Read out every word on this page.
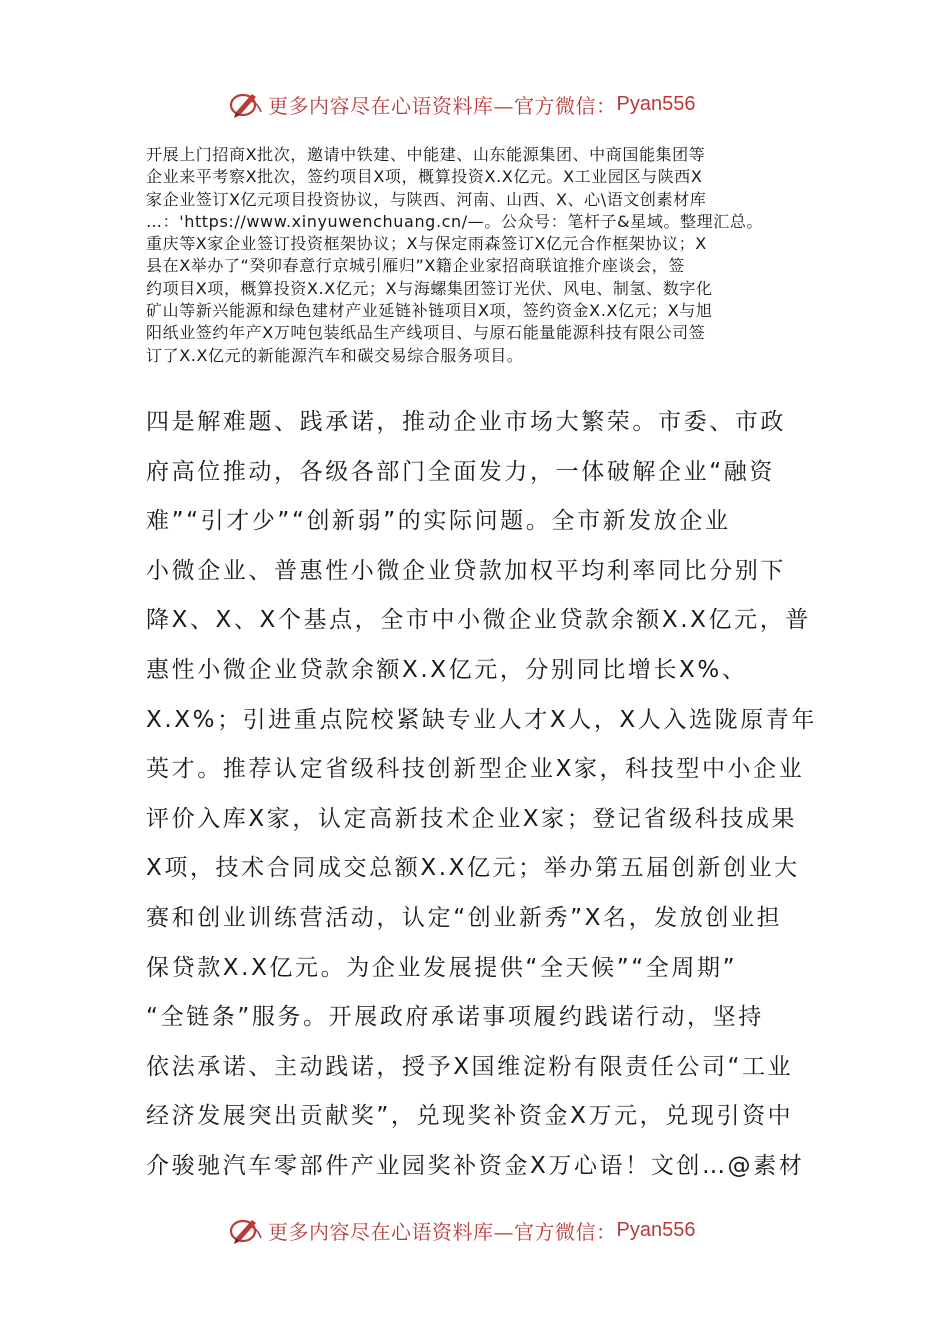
更多内容尽在心语资料库—官方微信： Pyan556
开展上门招商X批次，邀请中铁建、中能建、山东能源集团、中商国能集团等
企业来平考察X批次，签约项目X项，概算投资X.X亿元。X工业园区与陕西X
家企业签订X亿元项目投资协议，与陕西、河南、山西、X、心\语文创素材库
…：'https://www.xinyuwenchuang.cn/—。公众号：笔杆子&星域。整理汇总。
重庆等X家企业签订投资框架协议；X与保定雨森签订X亿元合作框架协议；X
县在X举办了“癸卯春意行京城引雁归”X籍企业家招商联谊推介座谈会，签
约项目X项，概算投资X.X亿元；X与海螺集团签订光伏、风电、制氢、数字化
矿山等新兴能源和绿色建材产业延链补链项目X项，签约资金X.X亿元；X与旭
阳纸业签约年产X万吨包装纸品生产线项目、与原石能量能源科技有限公司签
订了X.X亿元的新能源汽车和碳交易综合服务项目。
四是解难题、践承诺，推动企业市场大繁荣。市委、市政
府高位推动，各级各部门全面发力，一体破解企业“融资
难”“引才少”“创新弱”的实际问题。全市新发放企业
小微企业、普惠性小微企业贷款加权平均利率同比分别下
降X、X、X个基点，全市中小微企业贷款余额X.X亿元，普
惠性小微企业贷款余额X.X亿元，分别同比增长X%、
X.X%；引进重点院校紧缺专业人才X人，X人入选陇原青年
英才。推荐认定省级科技创新型企业X家，科技型中小企业
评价入库X家，认定高新技术企业X家；登记省级科技成果
X项，技术合同成交总额X.X亿元；举办第五届创新创业大
赛和创业训练营活动，认定“创业新秀”X名，发放创业担
保贷款X.X亿元。为企业发展提供“全天候”“全周期”
“全链条”服务。开展政府承诺事项履约践诺行动，坚持
依法承诺、主动践诺，授予X国维淀粉有限责任公司“工业
经济发展突出贡献奖”，兑现奖补资金X万元，兑现引资中
介骏驰汽车零部件产业园奖补资金X万心语！文创…@素材
更多内容尽在心语资料库—官方微信： Pyan556
